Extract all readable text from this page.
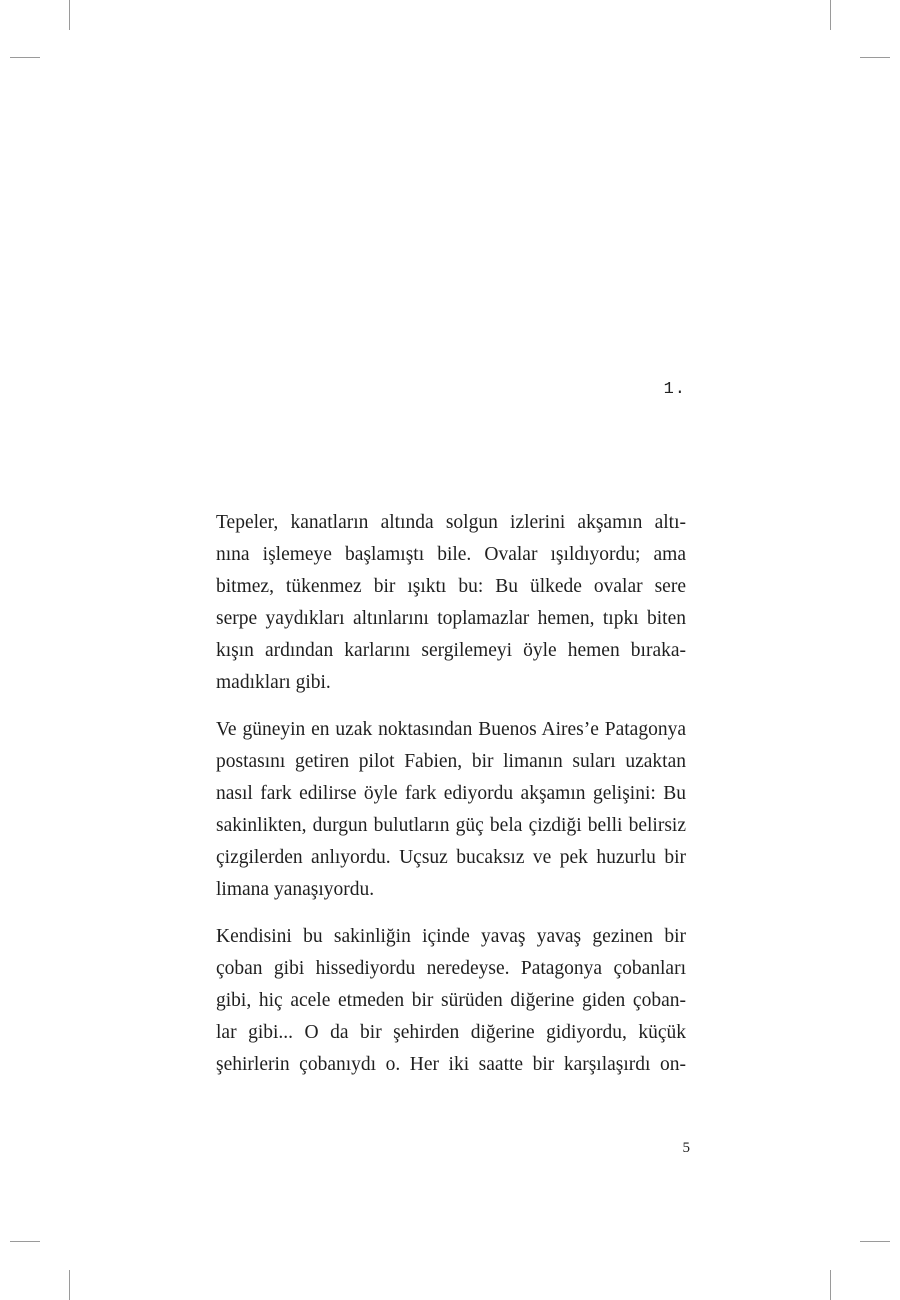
1.

Tepeler, kanatların altında solgun izlerini akşamın altı-
nına işlemeye başlamıştı bile. Ovalar ışıldıyordu; ama
bitmez, tükenmez bir ışıktı bu: Bu ülkede ovalar sere
serpe yaydıkları altınlarını toplamazlar hemen, tıpkı biten
kışın ardından karlarını sergilemeyi öyle hemen bıraka-
madıkları gibi.

Ve güneyin en uzak noktasından Buenos Aires’e Patagonya
postasını getiren pilot Fabien, bir limanın suları uzaktan
nasıl fark edilirse öyle fark ediyordu akşamın gelişini: Bu
sakinlikten, durgun bulutların güç bela çizdiği belli belirsiz
çizgilerden anlıyordu. Uçsuz bucaksız ve pek huzurlu bir
limana yanaşıyordu.

Kendisini bu sakinliğin içinde yavaş yavaş gezinen bir
çoban gibi hissediyordu neredeyse. Patagonya çobanları
gibi, hiç acele etmeden bir sürüden diğerine giden çoban-
lar gibi... O da bir şehirden diğerine gidiyordu, küçük
şehirlerin çobanıydı o. Her iki saatte bir karşılaşırdı on-

5
